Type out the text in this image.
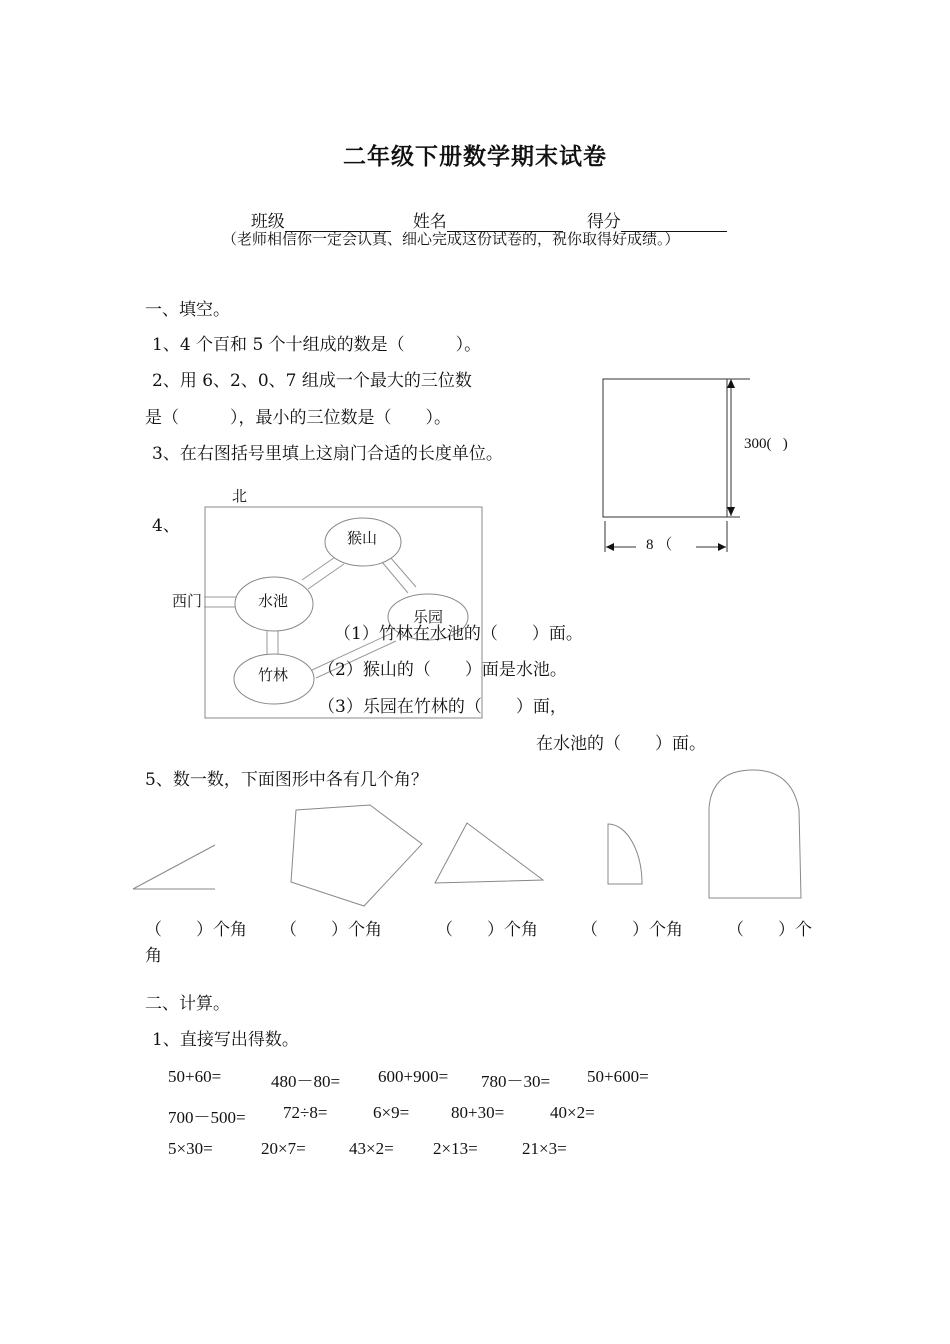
二年级下册数学期末试卷

班级	姓名	得分

（老师相信你一定会认真、细心完成这份试卷的，祝你取得好成绩。）
一、填空。
1、4 个百和 5 个十组成的数是（　　　）。
2、用 6、2、0、7 组成一个最大的三位数
是（　　　），最小的三位数是（　　）。
3、在右图括号里填上这扇门合适的长度单位。	300(   )
8 （
4、
北
西门
猴山
水池
乐园
竹林
（1）竹林在水池的（　　）面。
（2）猴山的（　　）面是水池。
（3）乐园在竹林的（　　）面，
在水池的（　　）面。
5、数一数，下面图形中各有几个角？
（　　）个角 （　　）个角	（　　）个角	（　　）个角	（　　）个
角
二、计算。
1、直接写出得数。
50+60=	480－80= 600+900= 780－30= 50+600=
700－500= 72÷8=	6×9= 80+30=	40×2=
5×30=	20×7=	43×2= 2×13=	21×3=
